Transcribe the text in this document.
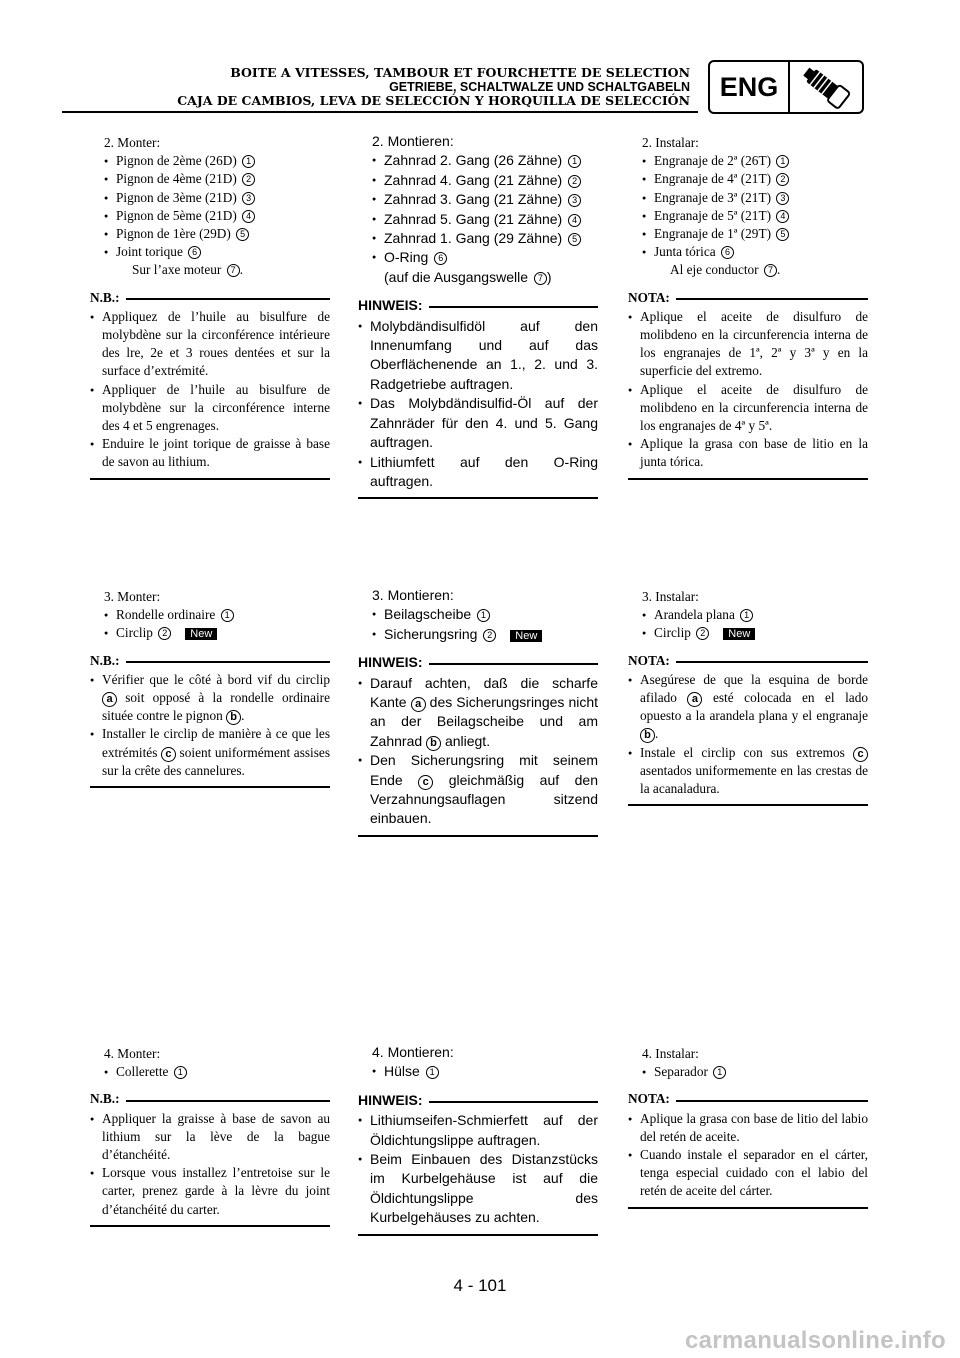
BOITE A VITESSES, TAMBOUR ET FOURCHETTE DE SELECTION
GETRIEBE, SCHALTWALZE UND SCHALTGABELN
CAJA DE CAMBIOS, LEVA DE SELECCIÓN Y HORQUILLA DE SELECCIÓN	ENG
2. Monter:
● Pignon de 2ème (26D) 1
● Pignon de 4ème (21D) 2
● Pignon de 3ème (21D) 3
● Pignon de 5ème (21D) 4
● Pignon de 1ère (29D) 5
● Joint torique 6
Sur l’axe moteur 7 .
N.B.:
● Appliquez de l’huile au bisulfure de molybdène sur la circonférence intérieure des lre, 2e et 3 roues dentées et sur la surface d’extrémité.
● Appliquer de l’huile au bisulfure de molybdène sur la circonférence interne des 4 et 5 engrenages.
● Enduire le joint torique de graisse à base de savon au lithium.
3. Monter:
● Rondelle ordinaire 1
● Circlip 2 New
N.B.:
● Vérifier que le côté à bord vif du circlip a soit opposé à la rondelle ordinaire située contre le pignon b .
● Installer le circlip de manière à ce que les extrémités c soient uniformément assises sur la crête des cannelures.
4. Monter:
● Collerette 1
N.B.:
● Appliquer la graisse à base de savon au lithium sur la lève de la bague d’étanchéité.
● Lorsque vous installez l’entretoise sur le carter, prenez garde à la lèvre du joint d’étanchéité du carter.
2. Montieren:
● Zahnrad 2. Gang (26 Zähne) 1
● Zahnrad 4. Gang (21 Zähne) 2
● Zahnrad 3. Gang (21 Zähne) 3
● Zahnrad 5. Gang (21 Zähne) 4
● Zahnrad 1. Gang (29 Zähne) 5
● O-Ring 6
(auf die Ausgangswelle 7 )
HINWEIS:
● Molybdändisulfidöl auf den Innenumfang und auf das Oberflächenende an 1., 2. und 3. Radgetriebe auftragen.
● Das Molybdändisulfid-Öl auf der Zahnräder für den 4. und 5. Gang auftragen.
● Lithiumfett auf den O-Ring auftragen.
3. Montieren:
● Beilagscheibe 1
● Sicherungsring 2 New
HINWEIS:
● Darauf achten, daß die scharfe Kante a des Sicherungsringes nicht an der Beilagscheibe und am Zahnrad b anliegt.
● Den Sicherungsring mit seinem Ende c gleichmäßig auf den Verzahnungsauflagen sitzend einbauen.
4. Montieren:
● Hülse 1
HINWEIS:
● Lithiumseifen-Schmierfett auf der Öldichtungslippe auftragen.
● Beim Einbauen des Distanzstücks im Kurbelgehäuse ist auf die Öldichtungslippe des Kurbelgehäuses zu achten.
2. Instalar:
● Engranaje de 2ª (26T) 1
● Engranaje de 4ª (21T) 2
● Engranaje de 3ª (21T) 3
● Engranaje de 5ª (21T) 4
● Engranaje de 1ª (29T) 5
● Junta tórica 6
Al eje conductor 7 .
NOTA:
● Aplique el aceite de disulfuro de molibdeno en la circunferencia interna de los engranajes de 1ª, 2ª y 3ª y en la superficie del extremo.
● Aplique el aceite de disulfuro de molibdeno en la circunferencia interna de los engranajes de 4ª y 5ª.
● Aplique la grasa con base de litio en la junta tórica.
3. Instalar:
● Arandela plana 1
● Circlip 2 New
NOTA:
● Asegúrese de que la esquina de borde afilado a esté colocada en el lado opuesto a la arandela plana y el engranaje b .
● Instale el circlip con sus extremos c asentados uniformemente en las crestas de la acanaladura.
4. Instalar:
● Separador 1
NOTA:
● Aplique la grasa con base de litio del labio del retén de aceite.
● Cuando instale el separador en el cárter, tenga especial cuidado con el labio del retén de aceite del cárter.
4 - 101
carmanualsonline.info
